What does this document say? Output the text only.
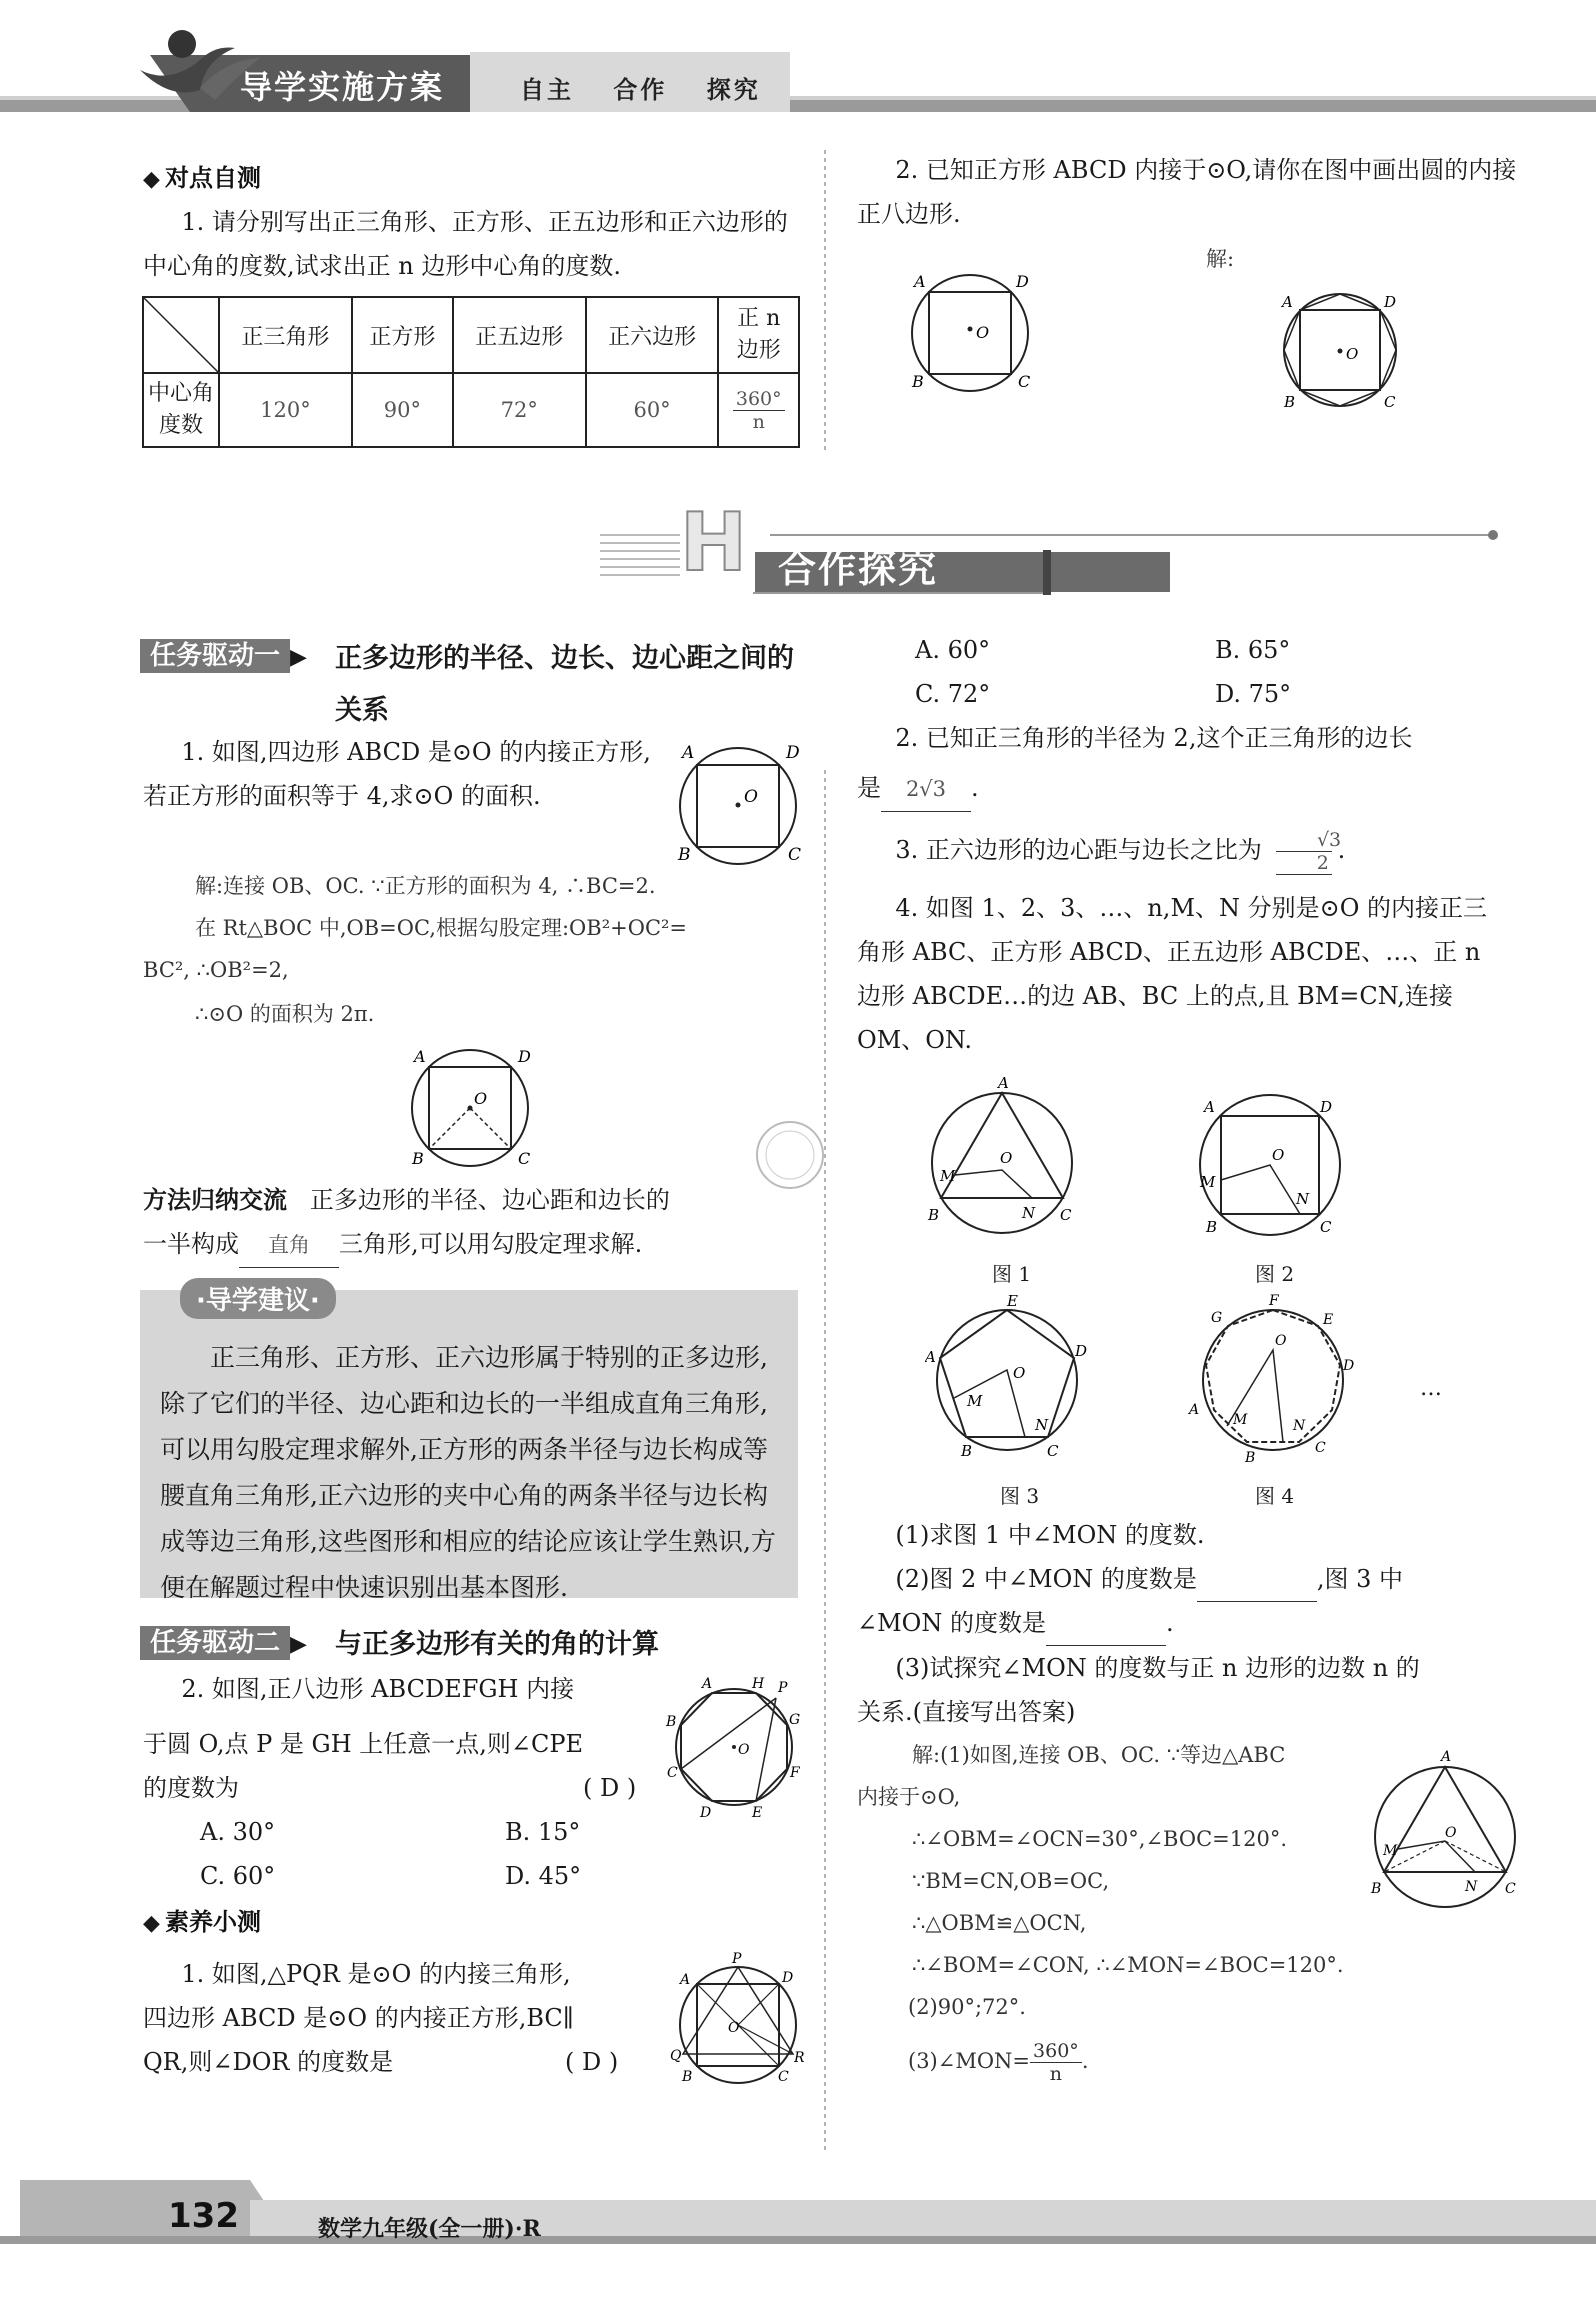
导学实施方案	自主 合作 探究
◆ 对点自测
1. 请分别写出正三角形、正方形、正五边形和正六边形的中心角的度数,试求出正 n 边形中心角的度数.
	正三角形	正方形	正五边形	正六边形	正 n
边形
中心角
度数	120°	90°	72°	60°	$\frac{360^\circ}{n}$
2. 已知正方形 ABCD 内接于⊙O,请你在图中画出圆的内接正八边形.
O
A	D
B	C
解:
O
A	D
B	C
H 合作探究
任务驱动一 ▶ 正多边形的半径、边长、边心距之间的
关系
1. 如图,四边形 ABCD 是⊙O 的内接正方形,若正方形的面积等于 4,求⊙O 的面积.	O
A	D
B	C
解:连接 OB、OC. ∵正方形的面积为 4, ∴BC=2.
在 Rt△BOC 中,OB=OC,根据勾股定理:OB²+OC²=
BC², ∴OB²=2,
∴⊙O 的面积为 2π.
O
A	D
B	C
方法归纳交流 正多边形的半径、边心距和边长的
一半构成 直角 三角形,可以用勾股定理求解.
·导学建议·
正三角形、正方形、正六边形属于特别的正多边形,除了它们的半径、边心距和边长的一半组成直角三角形,可以用勾股定理求解外,正方形的两条半径与边长构成等腰直角三角形,正六边形的夹中心角的两条半径与边长构成等边三角形,这些图形和相应的结论应该让学生熟识,方便在解题过程中快速识别出基本图形.
任务驱动二 ▶ 与正多边形有关的角的计算
2. 如图,正八边形 ABCDEFGH 内接
于圆 O,点 P 是 GH 上任意一点,则∠CPE
的度数为	( D )
A. 30°	B. 15°
C. 60°	D. 45°
O
A	H P
B	G
C	F
D	E
◆ 素养小测
1. 如图,△PQR 是⊙O 的内接三角形,
四边形 ABCD 是⊙O 的内接正方形,BC∥
QR,则∠DOR 的度数是	( D )
O
P
A	D
Q	R
B	C
A. 60°	B. 65°
C. 72°	D. 75°
2. 已知正三角形的半径为 2,这个正三角形的边长
是 2√3 .
3. 正六边形的边心距与边长之比为 $\frac{√3}{2}$ .
4. 如图 1、2、3、…、n,M、N 分别是⊙O 的内接正三
角形 ABC、正方形 ABCD、正五边形 ABCDE、…、正 n
边形 ABCDE…的边 AB、BC 上的点,且 BM=CN,连接
OM、ON.
A
O
M
B	N C
图 1
A	D
O
M
N
B	C
图 2
E
D
A
O
M
N
B	C
图 3
F
G	E
D
A
O
M	N
B
C
…
图 4
(1)求图 1 中∠MON 的度数.
(2)图 2 中∠MON 的度数是	,图 3 中
∠MON 的度数是	.
(3)试探究∠MON 的度数与正 n 边形的边数 n 的
关系.(直接写出答案)
解:(1)如图,连接 OB、OC. ∵等边△ABC
内接于⊙O,
∴∠OBM=∠OCN=30°,∠BOC=120°.
∵BM=CN,OB=OC,
∴△OBM≌△OCN,
∴∠BOM=∠CON, ∴∠MON=∠BOC=120°.
(2)90°;72°.
(3)∠MON= $\frac{360^\circ}{n}$ .
A
O
M
B	N C
132	数学九年级(全一册)·R
